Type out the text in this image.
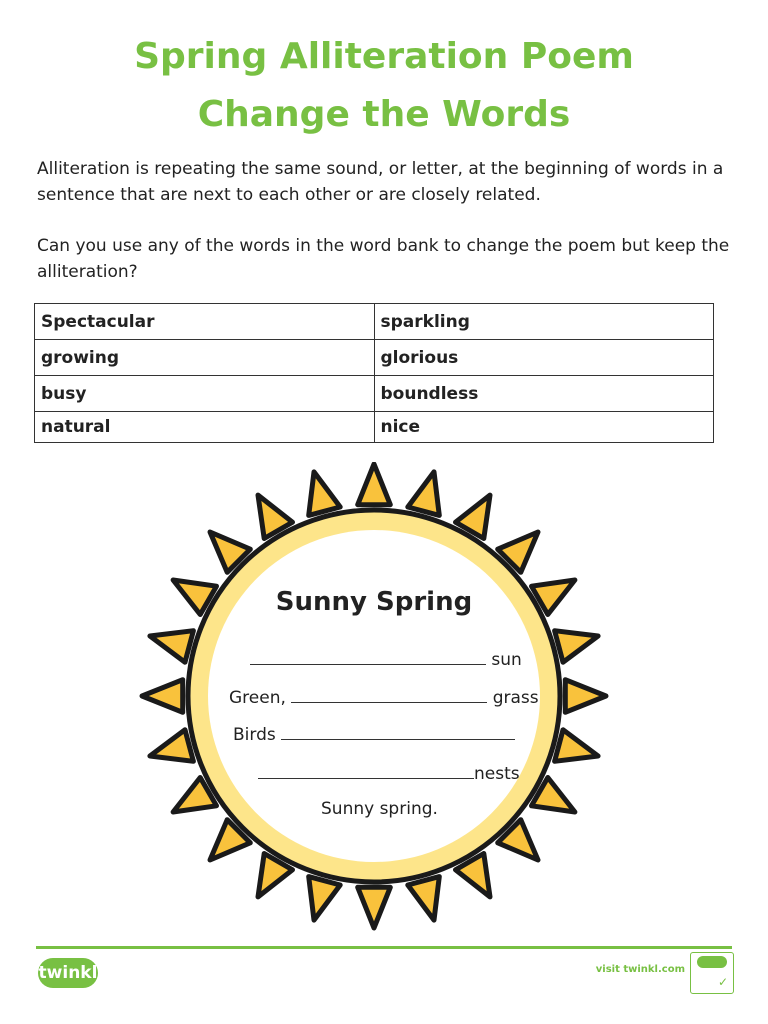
Spring Alliteration Poem
Change the Words

Alliteration is repeating the same sound, or letter, at the beginning of words in a sentence that are next to each other or are closely related.

Can you use any of the words in the word bank to change the poem but keep the alliteration?

Spectacular	sparkling
growing	glorious
busy	boundless
natural	nice
Sunny Spring
sun
Green,	grass
Birds
nests
Sunny spring.
twinkl	visit twinkl.com
✓
